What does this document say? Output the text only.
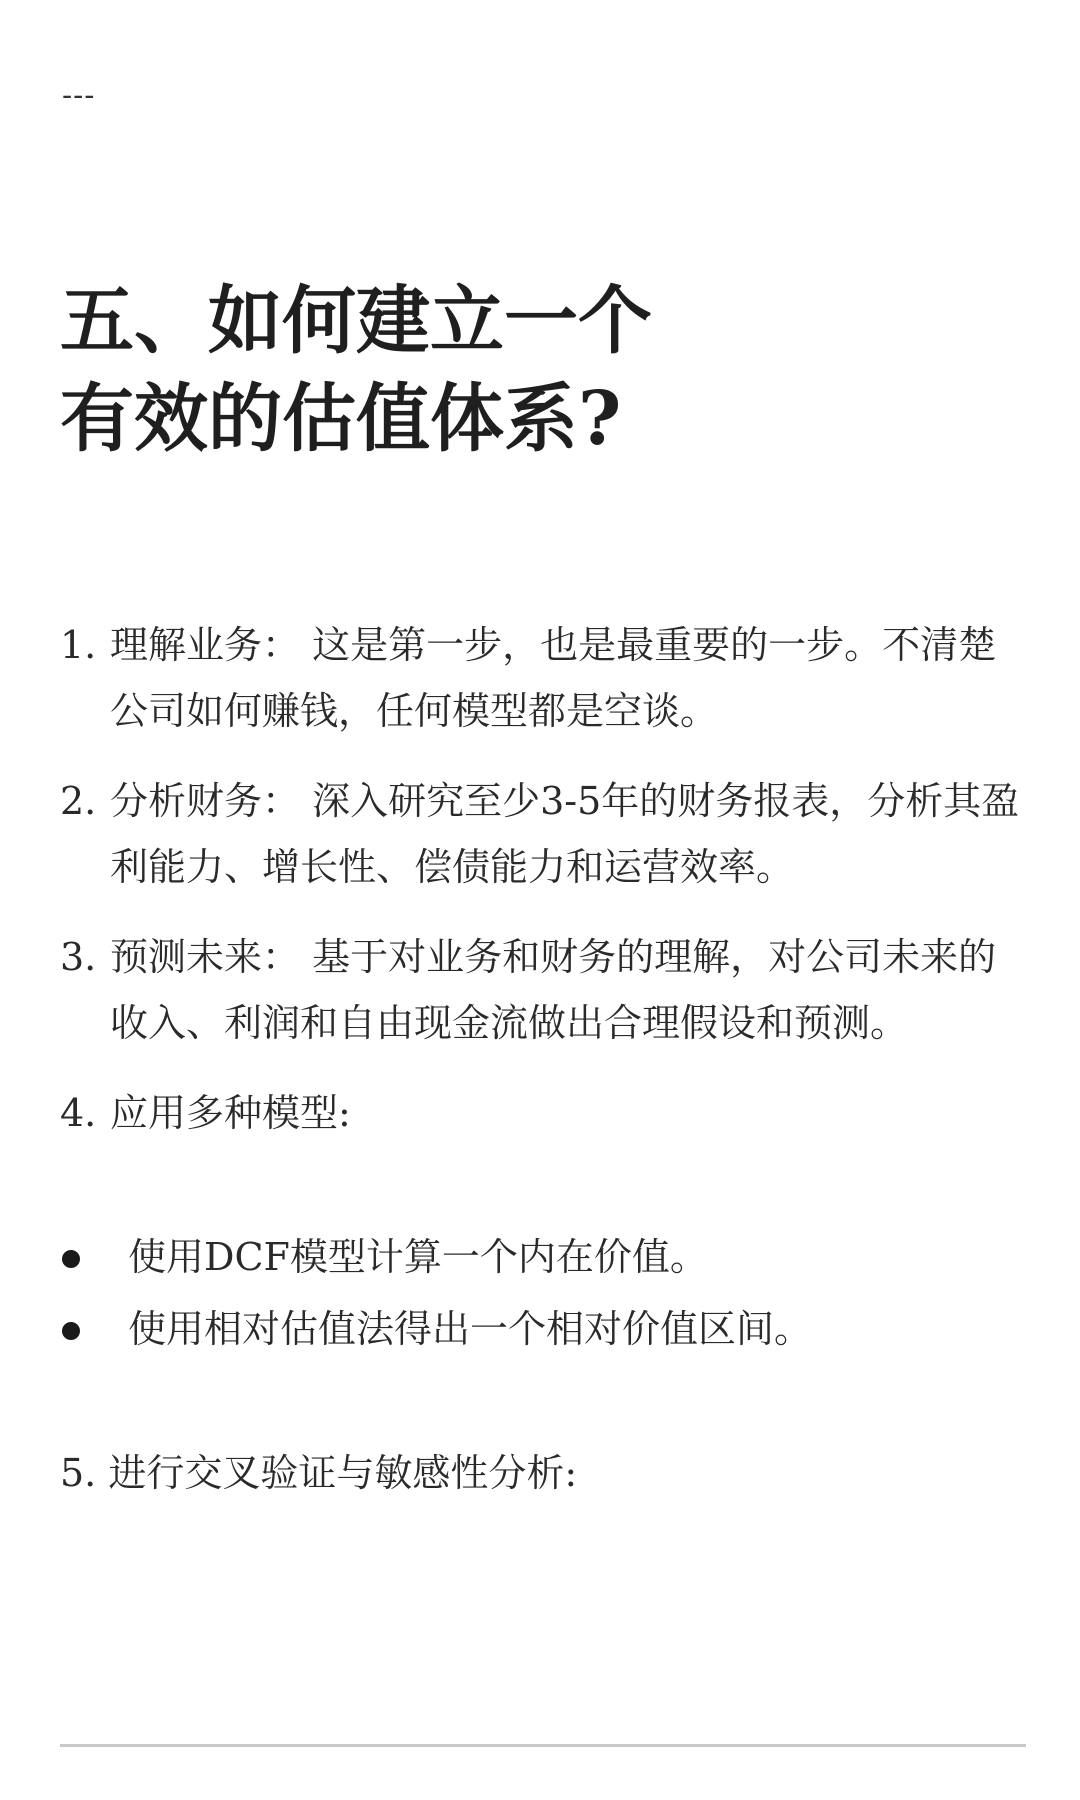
---
五、如何建立一个
有效的估值体系?
1. 理解业务： 这是第一步，也是最重要的一步。不清楚公司如何赚钱，任何模型都是空谈。
2. 分析财务： 深入研究至少3-5年的财务报表，分析其盈利能力、增长性、偿债能力和运营效率。
3. 预测未来： 基于对业务和财务的理解，对公司未来的收入、利润和自由现金流做出合理假设和预测。
4. 应用多种模型:
使用DCF模型计算一个内在价值。
使用相对估值法得出一个相对价值区间。
5. 进行交叉验证与敏感性分析:
